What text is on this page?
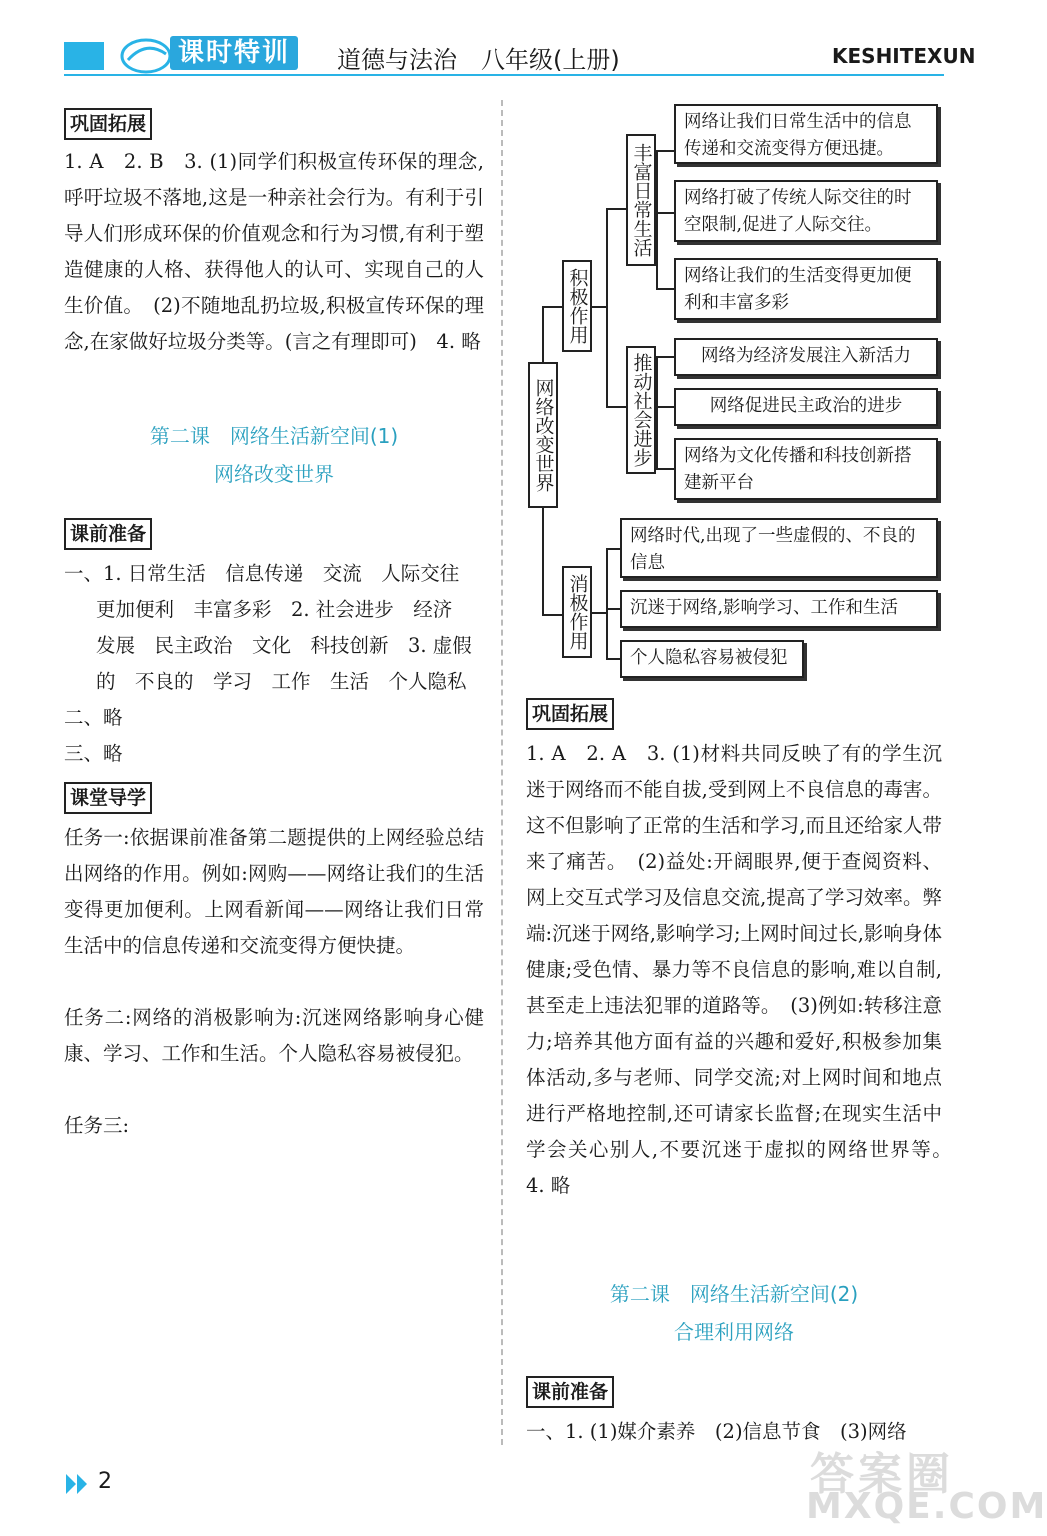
课时特训	道德与法治　八年级(上册)	KESHITEXUN
巩固拓展
1. A　2. B　3. (1)同学们积极宣传环保的理念,呼吁垃圾不落地,这是一种亲社会行为。有利于引导人们形成环保的价值观念和行为习惯,有利于塑造健康的人格、获得他人的认可、实现自己的人生价值。　(2)不随地乱扔垃圾,积极宣传环保的理念,在家做好垃圾分类等。(言之有理即可)　4. 略
第二课　网络生活新空间(1)
网络改变世界
课前准备
一、1. 日常生活　信息传递　交流　人际交往
更加便利　丰富多彩　2. 社会进步　经济
发展　民主政治　文化　科技创新　3. 虚假
的　不良的　学习　工作　生活　个人隐私
二、略
三、略
课堂导学
任务一:依据课前准备第二题提供的上网经验总结出网络的作用。例如:网购——网络让我们的生活变得更加便利。上网看新闻——网络让我们日常生活中的信息传递和交流变得方便快捷。
任务二:网络的消极影响为:沉迷网络影响身心健康、学习、工作和生活。个人隐私容易被侵犯。
任务三:
网络改变世界
积极作用
丰富日常生活
网络让我们日常生活中的信息传递和交流变得方便迅捷。
网络打破了传统人际交往的时空限制,促进了人际交往。
网络让我们的生活变得更加便利和丰富多彩
推动社会进步	网络为经济发展注入新活力
网络促进民主政治的进步
网络为文化传播和科技创新搭建新平台
消极作用
网络时代,出现了一些虚假的、不良的信息
沉迷于网络,影响学习、工作和生活
个人隐私容易被侵犯
巩固拓展
1. A　2. A　3. (1)材料共同反映了有的学生沉迷于网络而不能自拔,受到网上不良信息的毒害。这不但影响了正常的生活和学习,而且还给家人带来了痛苦。　(2)益处:开阔眼界,便于查阅资料、网上交互式学习及信息交流,提高了学习效率。弊端:沉迷于网络,影响学习;上网时间过长,影响身体健康;受色情、暴力等不良信息的影响,难以自制,甚至走上违法犯罪的道路等。　(3)例如:转移注意力;培养其他方面有益的兴趣和爱好,积极参加集体活动,多与老师、同学交流;对上网时间和地点进行严格地控制,还可请家长监督;在现实生活中学会关心别人,不要沉迷于虚拟的网络世界等。　4. 略
第二课　网络生活新空间(2)
合理利用网络
课前准备
一、1. (1)媒介素养　(2)信息节食　(3)网络
2	答案圈
MXQE.COM
